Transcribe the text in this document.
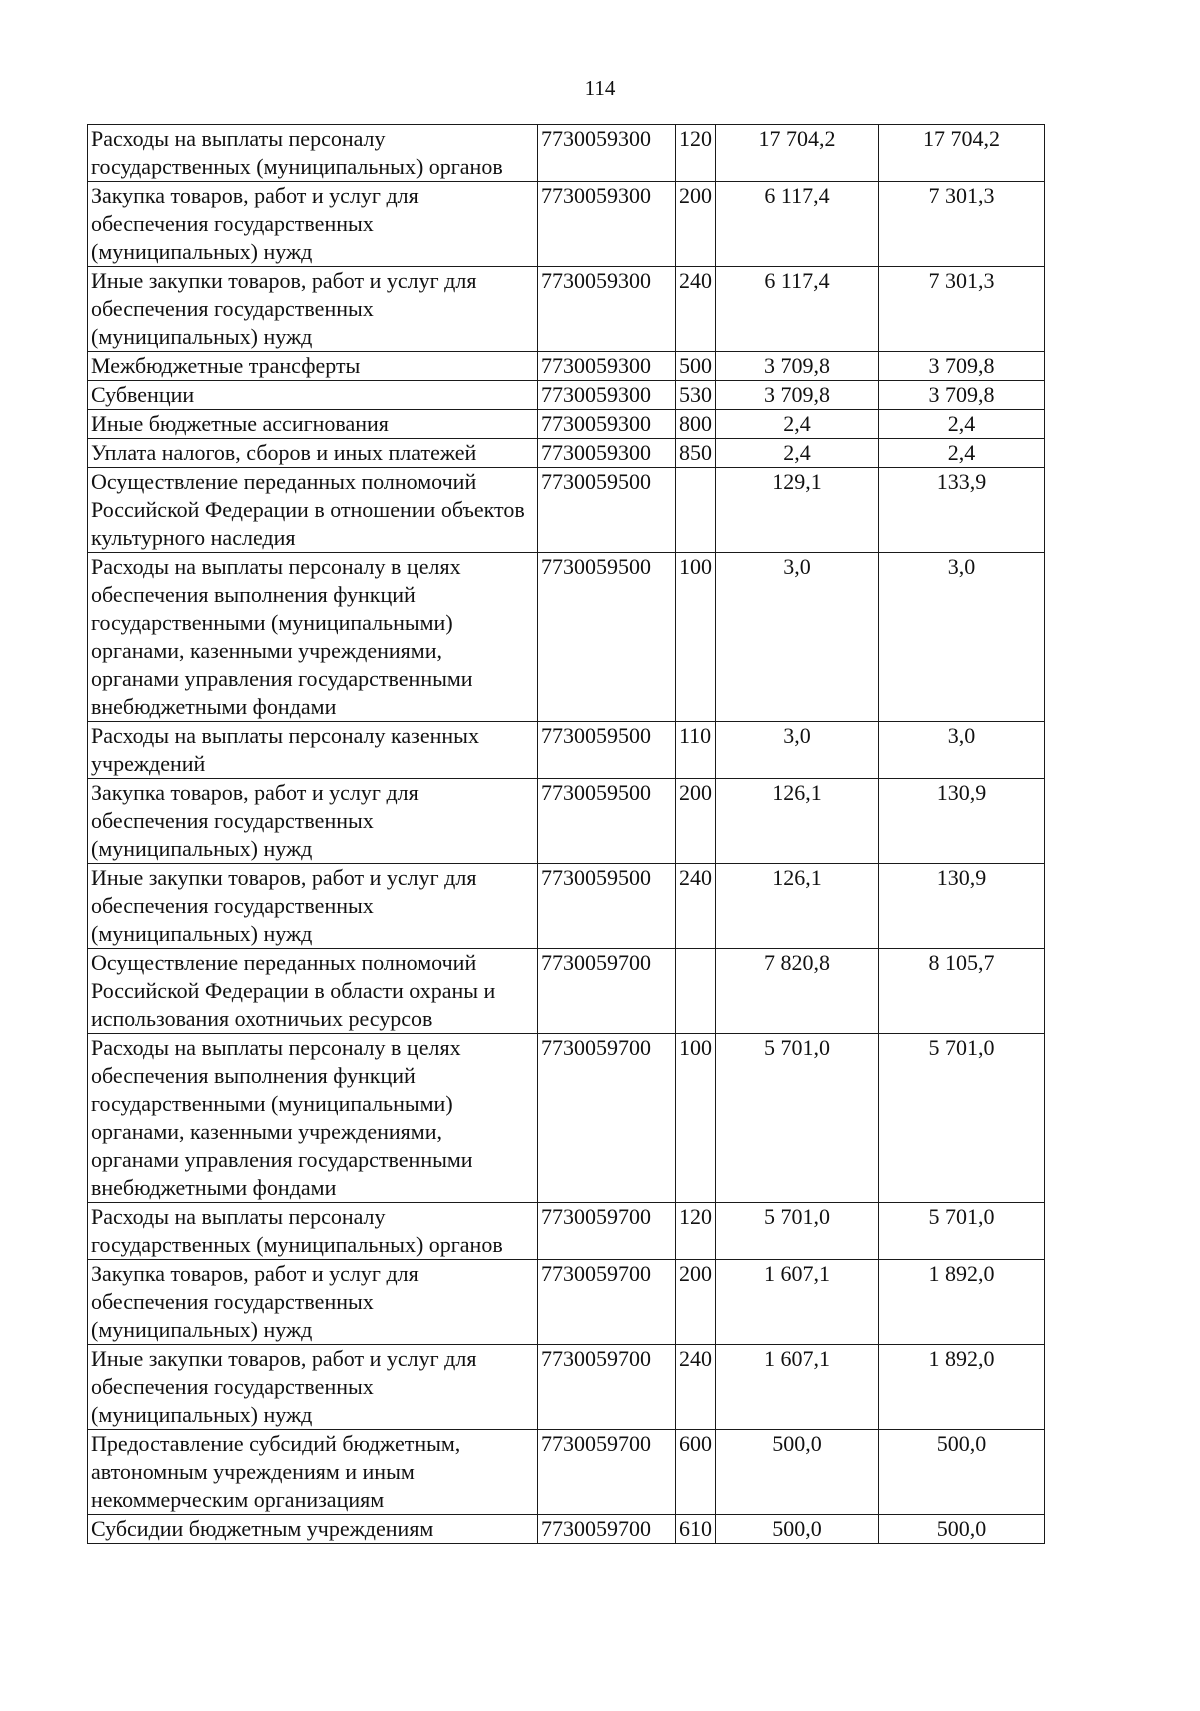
114
Расходы на выплаты персоналу государственных (муниципальных) органов	7730059300	120	17 704,2	17 704,2
Закупка товаров, работ и услуг для обеспечения государственных (муниципальных) нужд	7730059300	200	6 117,4	7 301,3
Иные закупки товаров, работ и услуг для обеспечения государственных (муниципальных) нужд	7730059300	240	6 117,4	7 301,3
Межбюджетные трансферты	7730059300	500	3 709,8	3 709,8
Субвенции	7730059300	530	3 709,8	3 709,8
Иные бюджетные ассигнования	7730059300	800	2,4	2,4
Уплата налогов, сборов и иных платежей	7730059300	850	2,4	2,4
Осуществление переданных полномочий Российской Федерации в отношении объектов культурного наследия	7730059500		129,1	133,9
Расходы на выплаты персоналу в целях обеспечения выполнения функций государственными (муниципальными) органами, казенными учреждениями, органами управления государственными внебюджетными фондами	7730059500	100	3,0	3,0
Расходы на выплаты персоналу казенных учреждений	7730059500	110	3,0	3,0
Закупка товаров, работ и услуг для обеспечения государственных (муниципальных) нужд	7730059500	200	126,1	130,9
Иные закупки товаров, работ и услуг для обеспечения государственных (муниципальных) нужд	7730059500	240	126,1	130,9
Осуществление переданных полномочий Российской Федерации в области охраны и использования охотничьих ресурсов	7730059700		7 820,8	8 105,7
Расходы на выплаты персоналу в целях обеспечения выполнения функций государственными (муниципальными) органами, казенными учреждениями, органами управления государственными внебюджетными фондами	7730059700	100	5 701,0	5 701,0
Расходы на выплаты персоналу государственных (муниципальных) органов	7730059700	120	5 701,0	5 701,0
Закупка товаров, работ и услуг для обеспечения государственных (муниципальных) нужд	7730059700	200	1 607,1	1 892,0
Иные закупки товаров, работ и услуг для обеспечения государственных (муниципальных) нужд	7730059700	240	1 607,1	1 892,0
Предоставление субсидий бюджетным, автономным учреждениям и иным некоммерческим организациям	7730059700	600	500,0	500,0
Субсидии бюджетным учреждениям	7730059700	610	500,0	500,0
